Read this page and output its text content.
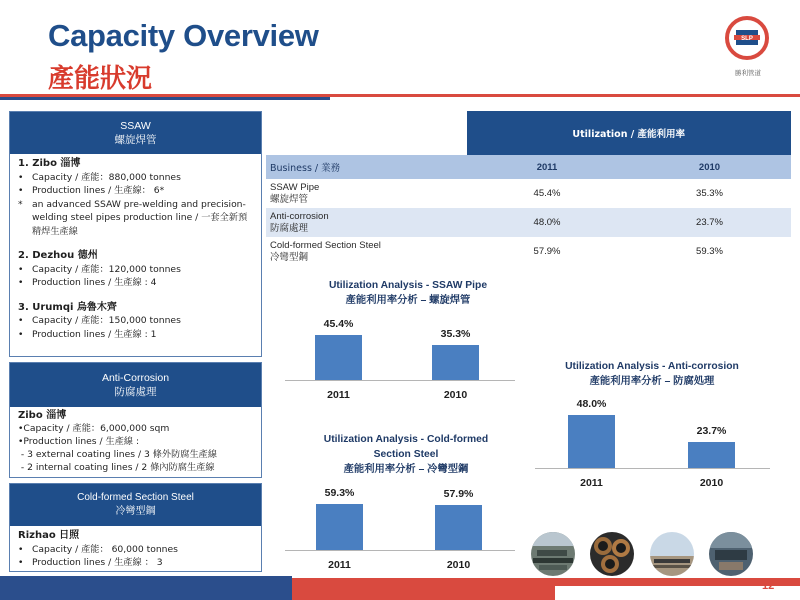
Capacity Overview
產能狀況
SLP
勝利管道
SSAW
螺旋焊管
1. Zibo 淄博
• Capacity / 產能：880,000 tonnes
• Production lines / 生產線： 6*
*	an advanced SSAW pre-welding and precision-welding steel pipes production line / 一套全新預精焊生產線
2. Dezhou 德州
• Capacity / 產能：120,000 tonnes
• Production lines / 生產線 : 4
3. Urumqi 烏魯木齊
• Capacity / 產能：150,000 tonnes
• Production lines / 生產線 : 1
Anti-Corrosion
防腐處理
Zibo 淄博
•Capacity / 產能：6,000,000 sqm
•Production lines / 生產線 :
- 3 external coating lines / 3 條外防腐生產線
- 2 internal coating lines / 2 條內防腐生產線
Cold-formed Section Steel
冷彎型鋼
Rizhao 日照
• Capacity / 產能： 60,000 tonnes
• Production lines / 生產線 ： 3
	Utilization / 產能利用率	
Business / 業務	2011	2010

SSAW Pipe
螺旋焊管	45.4%	35.3%

Anti-corrosion
防腐處理	48.0%	23.7%

Cold-formed Section Steel
冷彎型鋼	57.9%	59.3%
Utilization Analysis - SSAW Pipe
產能利用率分析 – 螺旋焊管
45.4%
2011
35.3%
2010
Utilization Analysis - Anti-corrosion
產能利用率分析 – 防腐処理
48.0%
2011
23.7%
2010
Utilization Analysis - Cold-formed Section Steel
產能利用率分析 – 冷彎型鋼
59.3%
2011
57.9%
2010
12
